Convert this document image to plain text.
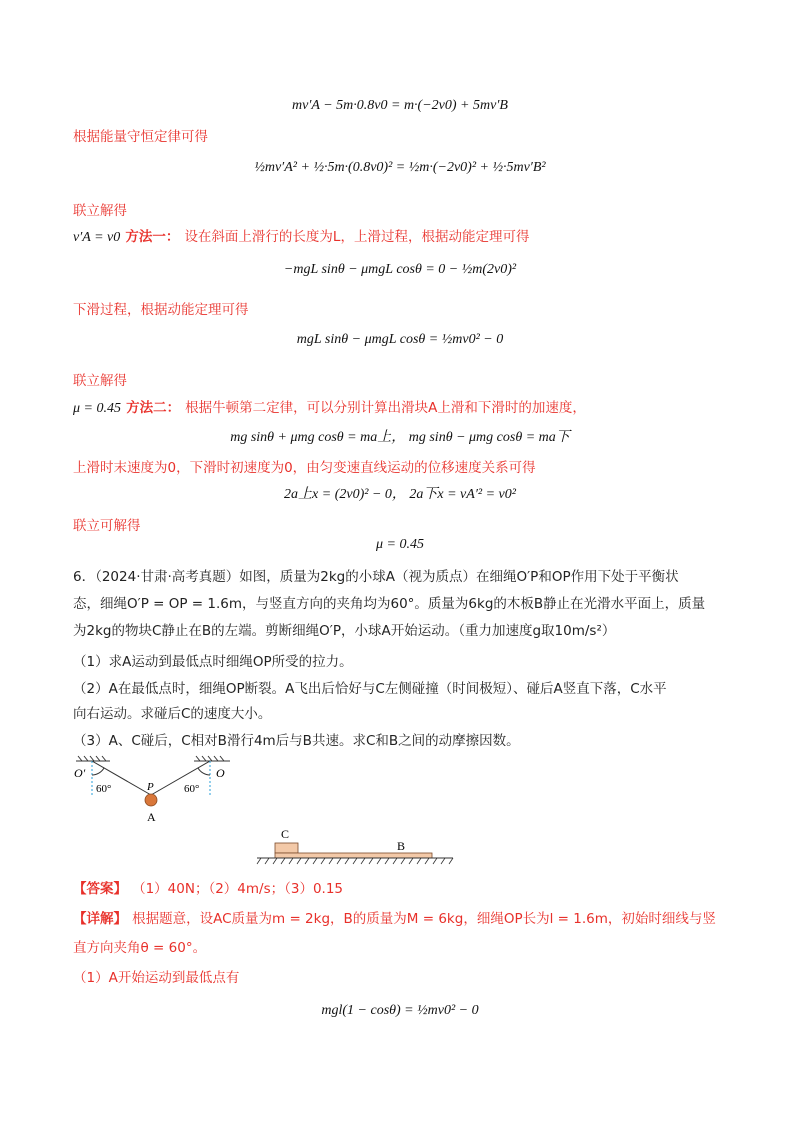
mv′A − 5m·0.8v0 = m·(−2v0) + 5mv′B
根据能量守恒定律可得
½mv′A² + ½·5m·(0.8v0)² = ½m·(−2v0)² + ½·5mv′B²
联立解得
v′A = v0 方法一： 设在斜面上滑行的长度为L，上滑过程，根据动能定理可得
−mgL sinθ − μmgL cosθ = 0 − ½m(2v0)²
下滑过程，根据动能定理可得
mgL sinθ − μmgL cosθ = ½mv0² − 0
联立解得
μ = 0.45 方法二： 根据牛顿第二定律，可以分别计算出滑块A上滑和下滑时的加速度，
mg sinθ + μmg cosθ = ma上， mg sinθ − μmg cosθ = ma下
上滑时末速度为0，下滑时初速度为0，由匀变速直线运动的位移速度关系可得
2a上x = (2v0)² − 0， 2a下x = vA′² = v0²
联立可解得
μ = 0.45
6．（2024·甘肃·高考真题）如图，质量为2kg的小球A（视为质点）在细绳O′P和OP作用下处于平衡状
态，细绳O′P = OP = 1.6m，与竖直方向的夹角均为60°。质量为6kg的木板B静止在光滑水平面上，质量
为2kg的物块C静止在B的左端。剪断细绳O′P，小球A开始运动。（重力加速度g取10m/s²）
（1）求A运动到最低点时细绳OP所受的拉力。
（2）A在最低点时，细绳OP断裂。A飞出后恰好与C左侧碰撞（时间极短）、碰后A竖直下落，C水平
向右运动。求碰后C的速度大小。
（3）A、C碰后，C相对B滑行4m后与B共速。求C和B之间的动摩擦因数。
O′	O
P
60°	60°
A
C
B
【答案】 （1）40N；（2）4m/s；（3）0.15
【详解】 根据题意，设AC质量为m = 2kg，B的质量为M = 6kg，细绳OP长为l = 1.6m，初始时细线与竖
直方向夹角θ = 60°。
（1）A开始运动到最低点有
mgl(1 − cosθ) = ½mv0² − 0
